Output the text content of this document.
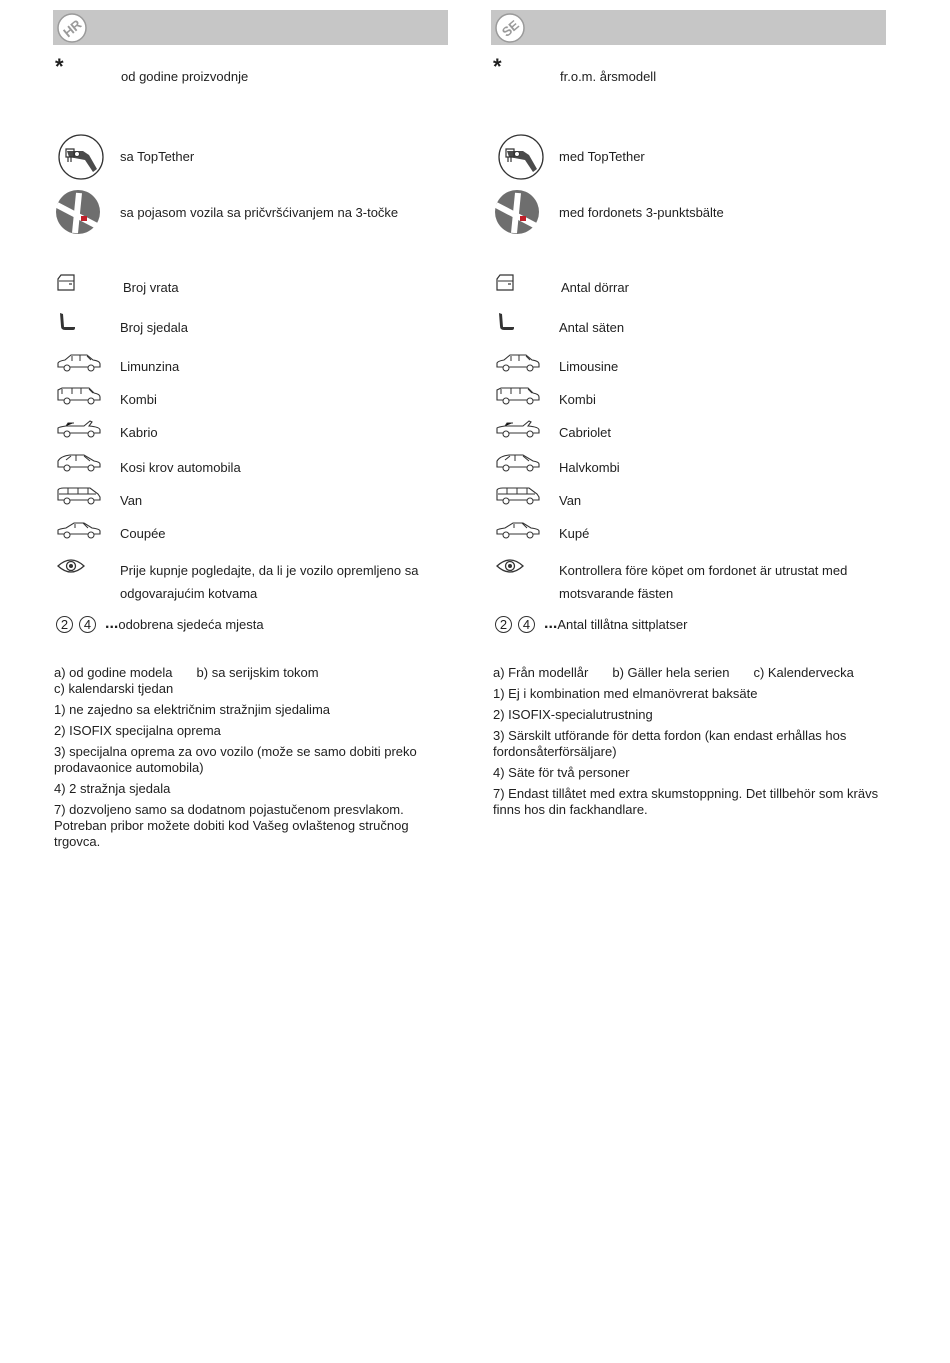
HR
*	od godine proizvodnje
sa TopTether
sa pojasom vozila sa pričvršćivanjem na 3-točke
Broj vrata
Broj sjedala
Limunzina
Kombi
Kabrio
Kosi krov automobila
Van
Coupée
Prije kupnje pogledajte, da li je vozilo opremljeno sa odgovarajućim kotvama
2	4 ... odobrena sjedeća mjesta

a) od godine modela b) sa serijskim tokom

c) kalendarski tjedan

1) ne zajedno sa električnim stražnjim sjedalima

2) ISOFIX specijalna oprema

3) specijalna oprema za ovo vozilo (može se samo dobiti preko prodavaonice automobila)

4) 2 stražnja sjedala

7) dozvoljeno samo sa dodatnom pojastučenom presvlakom. Potreban pribor možete dobiti kod Vašeg ovlaštenog stručnog trgovca.

SE
*	fr.o.m. årsmodell
med TopTether
med fordonets 3-punktsbälte
Antal dörrar
Antal säten
Limousine
Kombi
Cabriolet
Halvkombi
Van
Kupé
Kontrollera före köpet om fordonet är utrustat med motsvarande fästen
2	4 ... Antal tillåtna sittplatser

a) Från modellår b) Gäller hela serien c) Kalendervecka

1) Ej i kombination med elmanövrerat baksäte

2) ISOFIX-specialutrustning

3) Särskilt utförande för detta fordon (kan endast erhållas hos fordonsåterförsäljare)

4) Säte för två personer

7) Endast tillåtet med extra skumstoppning. Det tillbehör som krävs finns hos din fackhandlare.
